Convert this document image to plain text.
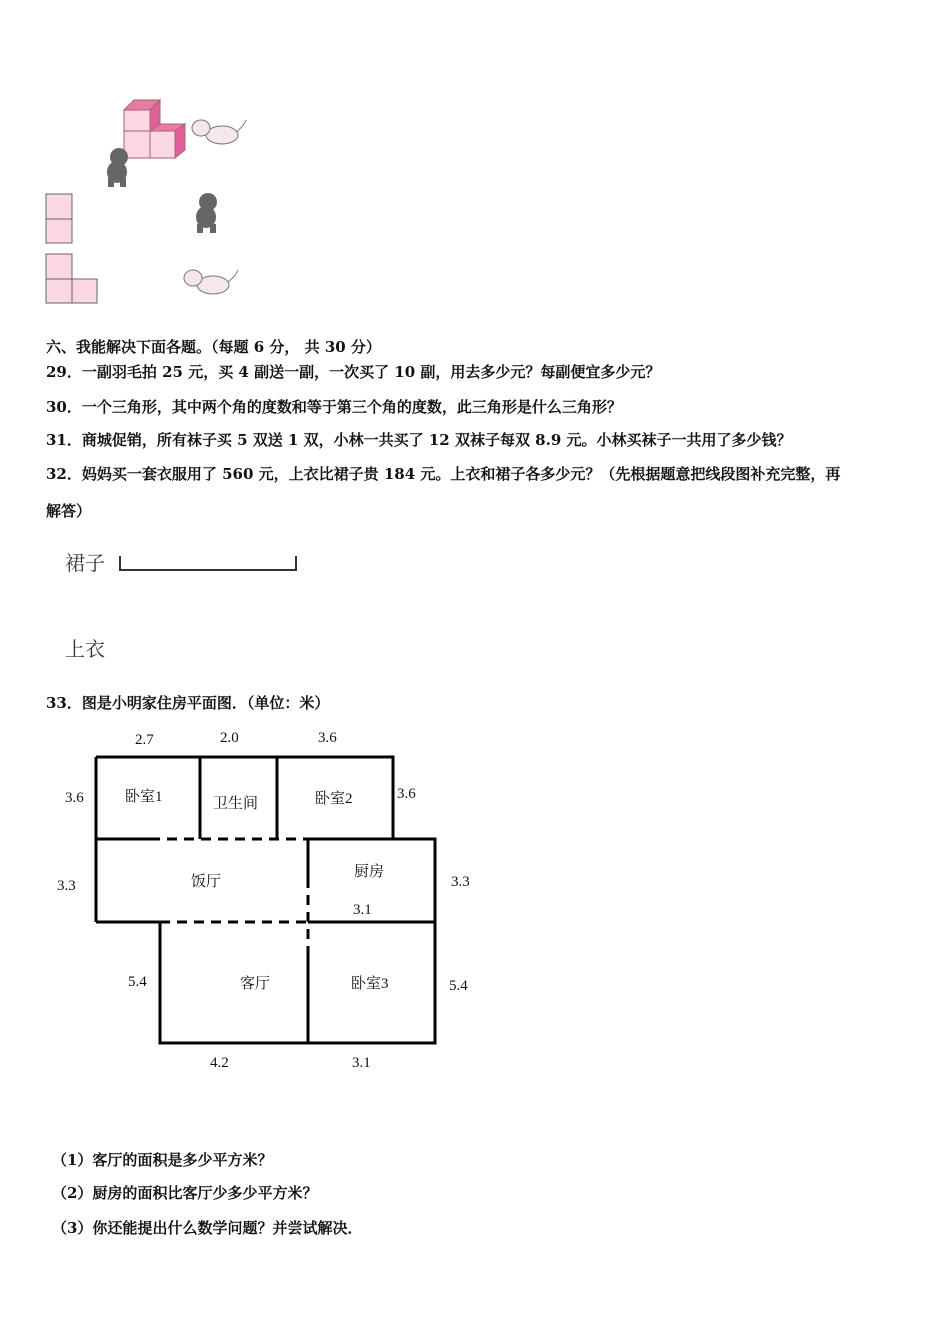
六、我能解决下面各题。（每题 6 分， 共 30 分）
29．一副羽毛拍 25 元，买 4 副送一副，一次买了 10 副，用去多少元？每副便宜多少元？
30．一个三角形，其中两个角的度数和等于第三个角的度数，此三角形是什么三角形？
31．商城促销，所有袜子买 5 双送 1 双，小林一共买了 12 双袜子每双 8.9 元。小林买袜子一共用了多少钱？
32．妈妈买一套衣服用了 560 元，上衣比裙子贵 184 元。上衣和裙子各多少元？（先根据题意把线段图补充完整，再
解答）
裙子
上衣
33．图是小明家住房平面图．（单位：米）
2.7	2.0	3.6
3.6	3.6
3.3	3.3
3.1
5.4	5.4
4.2	3.1
卧室1	卫生间	卧室2
饭厅
厨房
客厅	卧室3
（1）客厅的面积是多少平方米？
（2）厨房的面积比客厅少多少平方米？
（3）你还能提出什么数学问题？并尝试解决．
